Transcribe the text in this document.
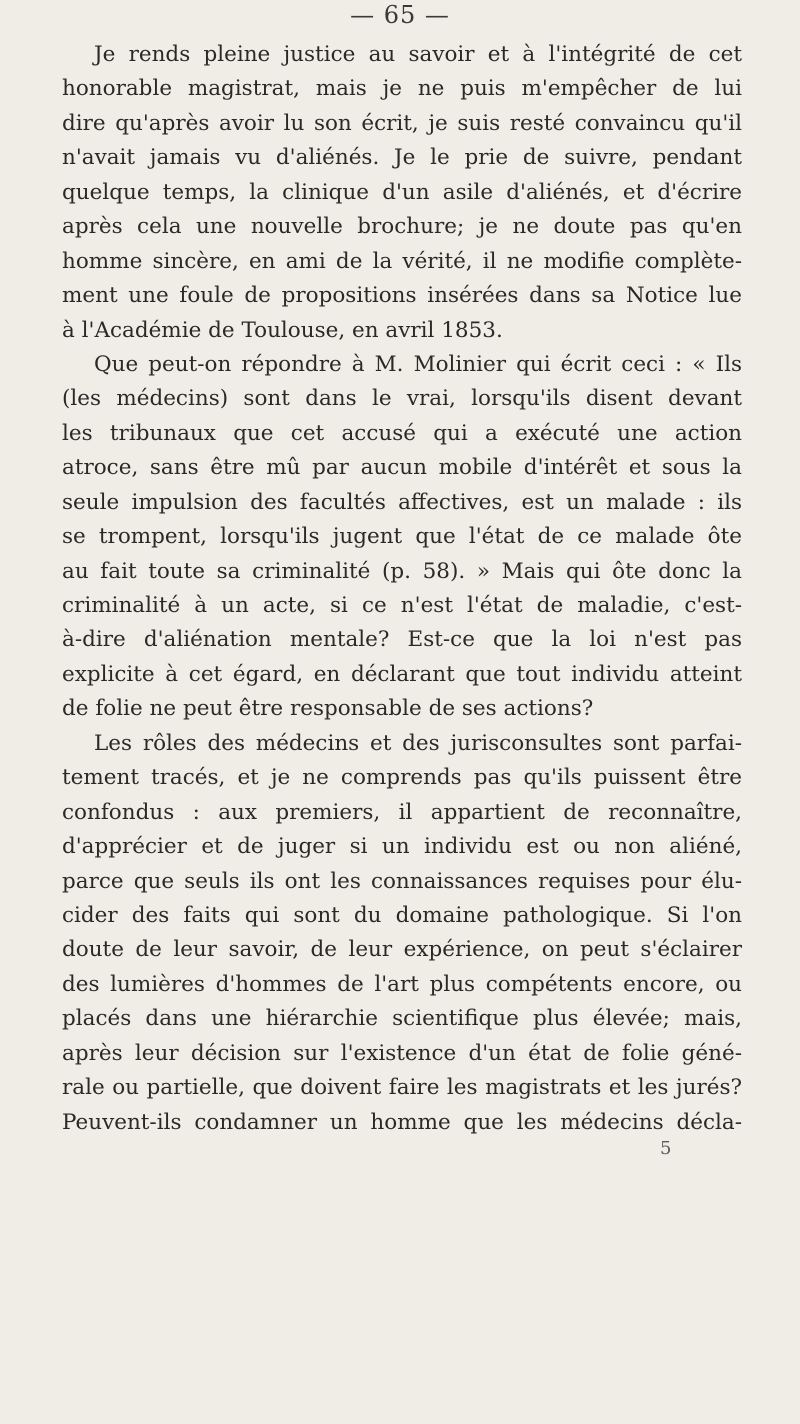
— 65 —
Je rends pleine justice au savoir et à l'intégrité de cet
honorable magistrat, mais je ne puis m'empêcher de lui
dire qu'après avoir lu son écrit, je suis resté convaincu qu'il
n'avait jamais vu d'aliénés. Je le prie de suivre, pendant
quelque temps, la clinique d'un asile d'aliénés, et d'écrire
après cela une nouvelle brochure; je ne doute pas qu'en
homme sincère, en ami de la vérité, il ne modifie complète-
ment une foule de propositions insérées dans sa Notice lue
à l'Académie de Toulouse, en avril 1853.
Que peut-on répondre à M. Molinier qui écrit ceci : « Ils
(les médecins) sont dans le vrai, lorsqu'ils disent devant
les tribunaux que cet accusé qui a exécuté une action
atroce, sans être mû par aucun mobile d'intérêt et sous la
seule impulsion des facultés affectives, est un malade : ils
se trompent, lorsqu'ils jugent que l'état de ce malade ôte
au fait toute sa criminalité (p. 58). » Mais qui ôte donc la
criminalité à un acte, si ce n'est l'état de maladie, c'est-
à-dire d'aliénation mentale? Est-ce que la loi n'est pas
explicite à cet égard, en déclarant que tout individu atteint
de folie ne peut être responsable de ses actions?
Les rôles des médecins et des jurisconsultes sont parfai-
tement tracés, et je ne comprends pas qu'ils puissent être
confondus : aux premiers, il appartient de reconnaître,
d'apprécier et de juger si un individu est ou non aliéné,
parce que seuls ils ont les connaissances requises pour élu-
cider des faits qui sont du domaine pathologique. Si l'on
doute de leur savoir, de leur expérience, on peut s'éclairer
des lumières d'hommes de l'art plus compétents encore, ou
placés dans une hiérarchie scientifique plus élevée; mais,
après leur décision sur l'existence d'un état de folie géné-
rale ou partielle, que doivent faire les magistrats et les jurés?
Peuvent-ils condamner un homme que les médecins décla-
5
